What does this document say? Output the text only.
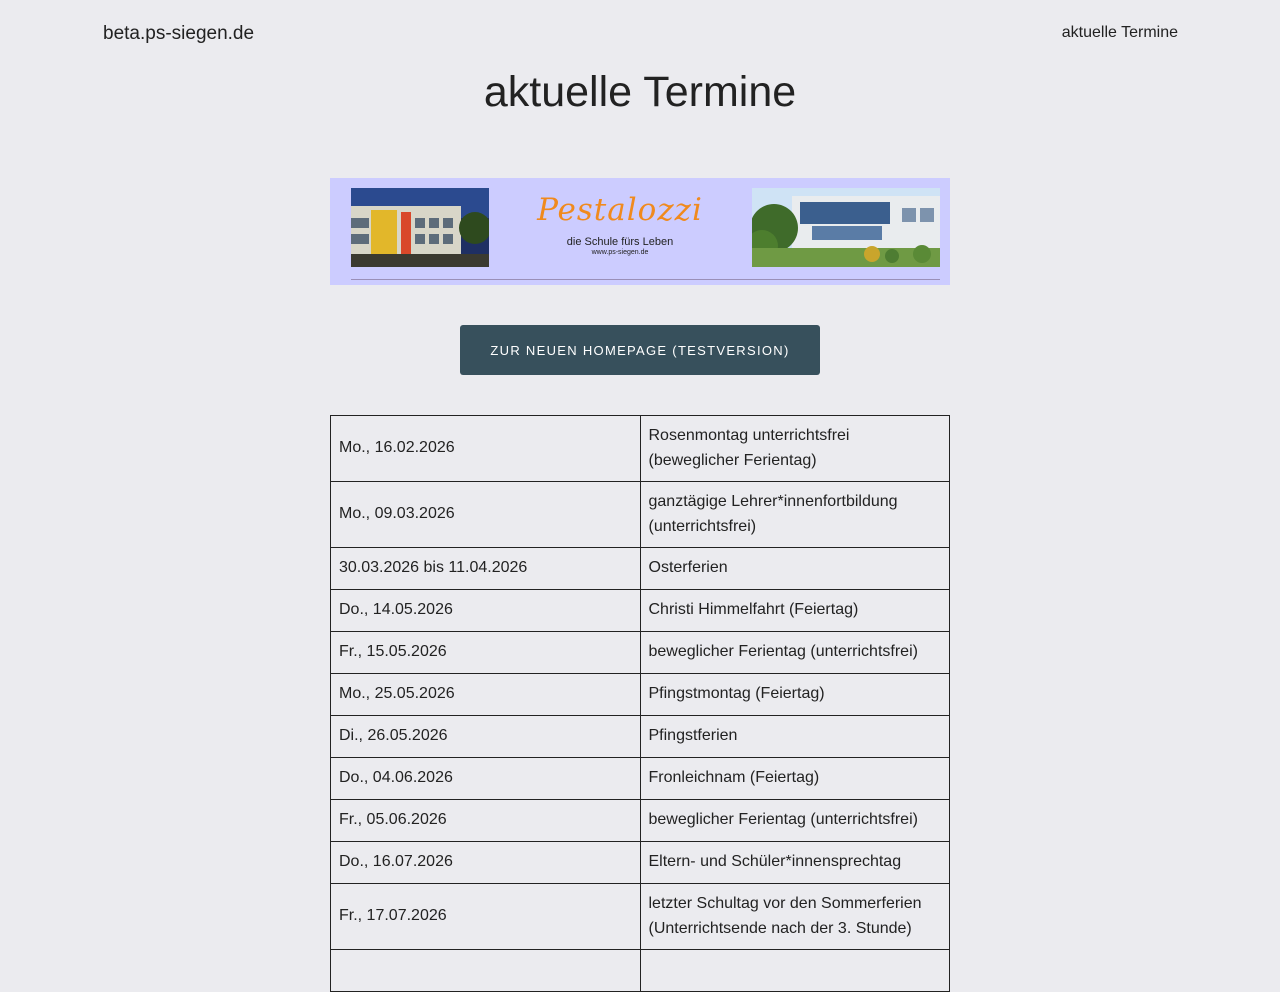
beta.ps-siegen.de	aktuelle Termine
aktuelle Termine
Pestalozzi
die Schule fürs Leben
www.ps-siegen.de
ZUR NEUEN HOMEPAGE (TESTVERSION)
Mo., 16.02.2026	Rosenmontag unterrichtsfrei (beweglicher Ferientag)
Mo., 09.03.2026	ganztägige Lehrer*innenfortbildung (unterrichtsfrei)
30.03.2026 bis 11.04.2026	Osterferien
Do., 14.05.2026	Christi Himmelfahrt (Feiertag)
Fr., 15.05.2026	beweglicher Ferientag (unterrichtsfrei)
Mo., 25.05.2026	Pfingstmontag (Feiertag)
Di., 26.05.2026	Pfingstferien
Do., 04.06.2026	Fronleichnam (Feiertag)
Fr., 05.06.2026	beweglicher Ferientag (unterrichtsfrei)
Do., 16.07.2026	Eltern- und Schüler*innensprechtag
Fr., 17.07.2026	letzter Schultag vor den Sommerferien (Unterrichtsende nach der 3. Stunde)
